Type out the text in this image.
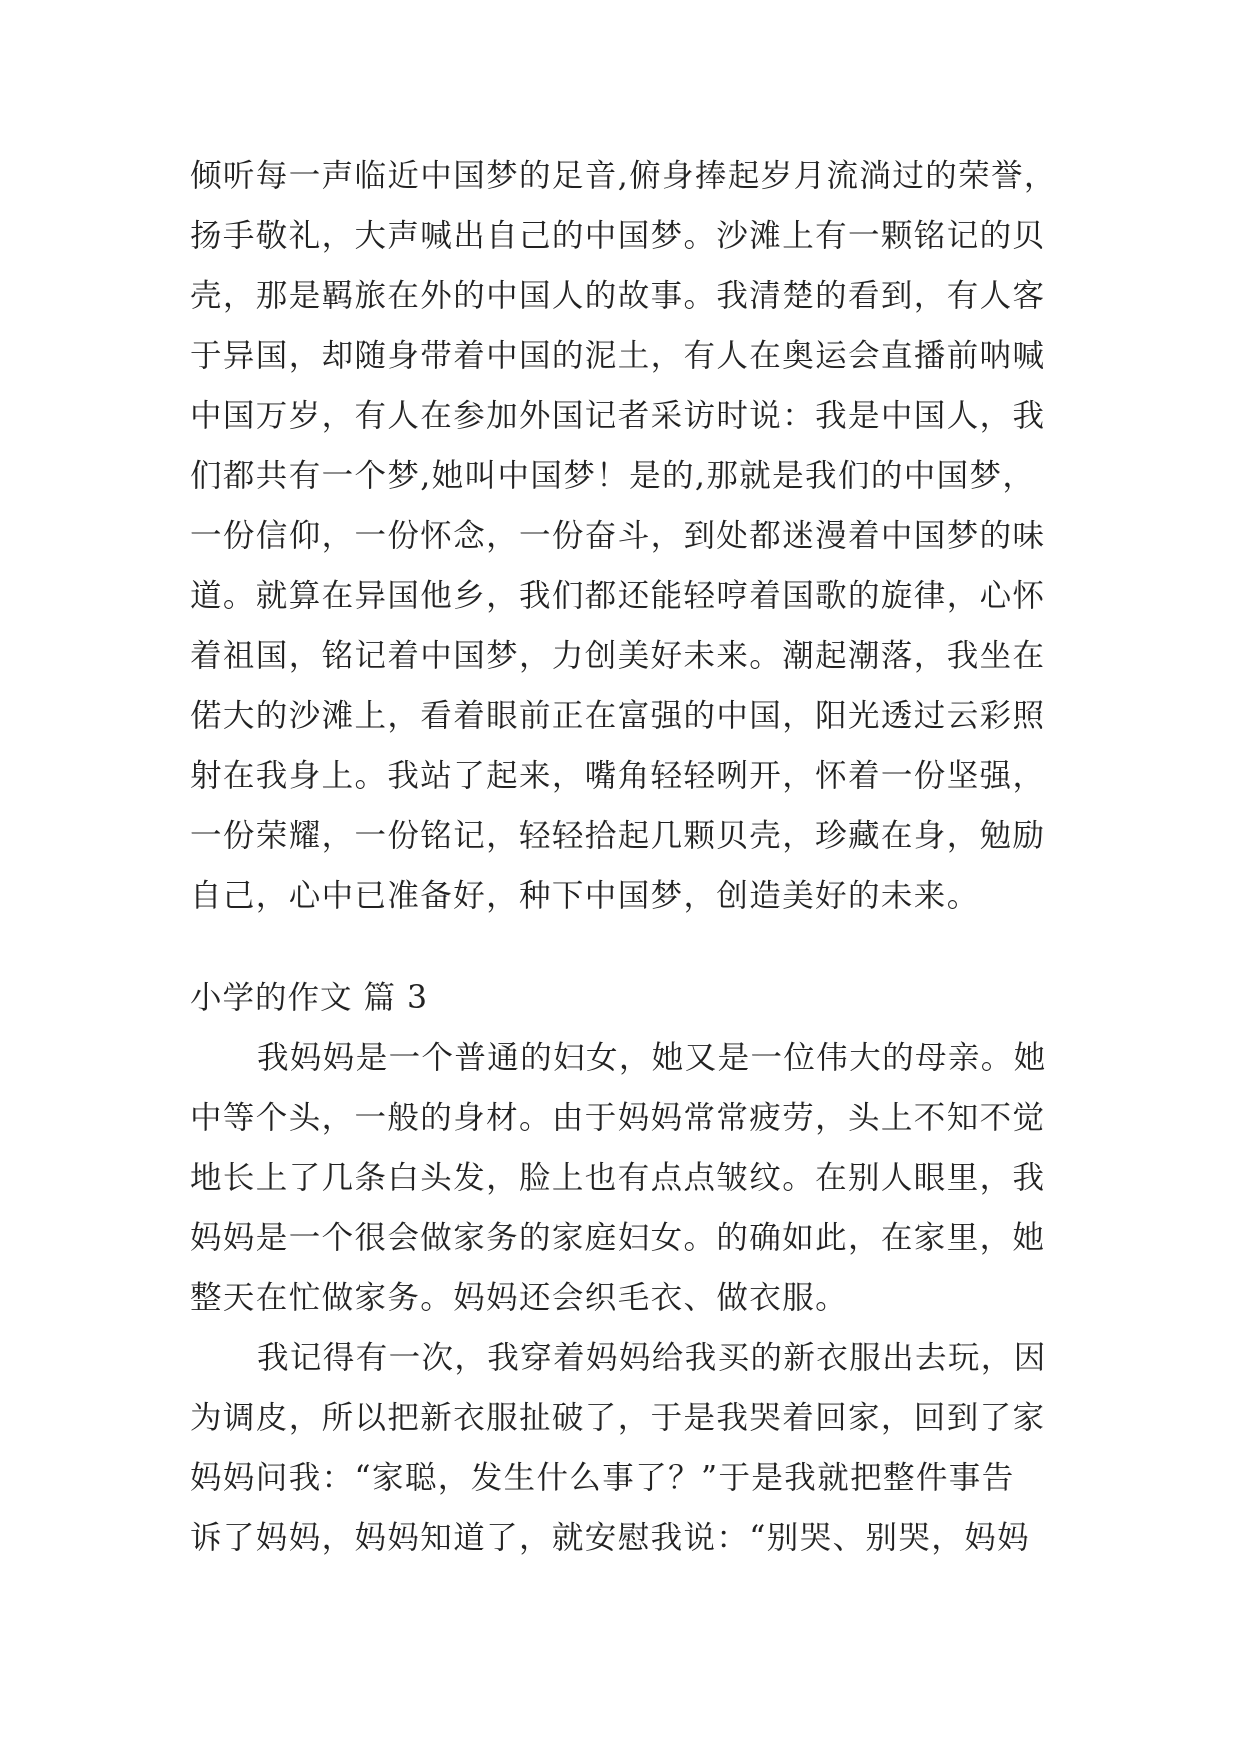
倾听每一声临近中国梦的足音,俯身捧起岁月流淌过的荣誉，
扬手敬礼，大声喊出自己的中国梦。沙滩上有一颗铭记的贝
壳，那是羁旅在外的中国人的故事。我清楚的看到，有人客
于异国，却随身带着中国的泥土，有人在奥运会直播前呐喊
中国万岁，有人在参加外国记者采访时说：我是中国人，我
们都共有一个梦,她叫中国梦！是的,那就是我们的中国梦，
一份信仰，一份怀念，一份奋斗，到处都迷漫着中国梦的味
道。就算在异国他乡，我们都还能轻哼着国歌的旋律，心怀
着祖国，铭记着中国梦，力创美好未来。潮起潮落，我坐在
偌大的沙滩上，看着眼前正在富强的中国，阳光透过云彩照
射在我身上。我站了起来，嘴角轻轻咧开，怀着一份坚强，
一份荣耀，一份铭记，轻轻拾起几颗贝壳，珍藏在身，勉励
自己，心中已准备好，种下中国梦，创造美好的未来。
小学的作文 篇 3
我妈妈是一个普通的妇女，她又是一位伟大的母亲。她
中等个头，一般的身材。由于妈妈常常疲劳，头上不知不觉
地长上了几条白头发，脸上也有点点皱纹。在别人眼里，我
妈妈是一个很会做家务的家庭妇女。的确如此，在家里，她
整天在忙做家务。妈妈还会织毛衣、做衣服。
我记得有一次，我穿着妈妈给我买的新衣服出去玩，因
为调皮，所以把新衣服扯破了，于是我哭着回家，回到了家
妈妈问我：“家聪，发生什么事了？”于是我就把整件事告
诉了妈妈，妈妈知道了，就安慰我说：“别哭、别哭，妈妈
